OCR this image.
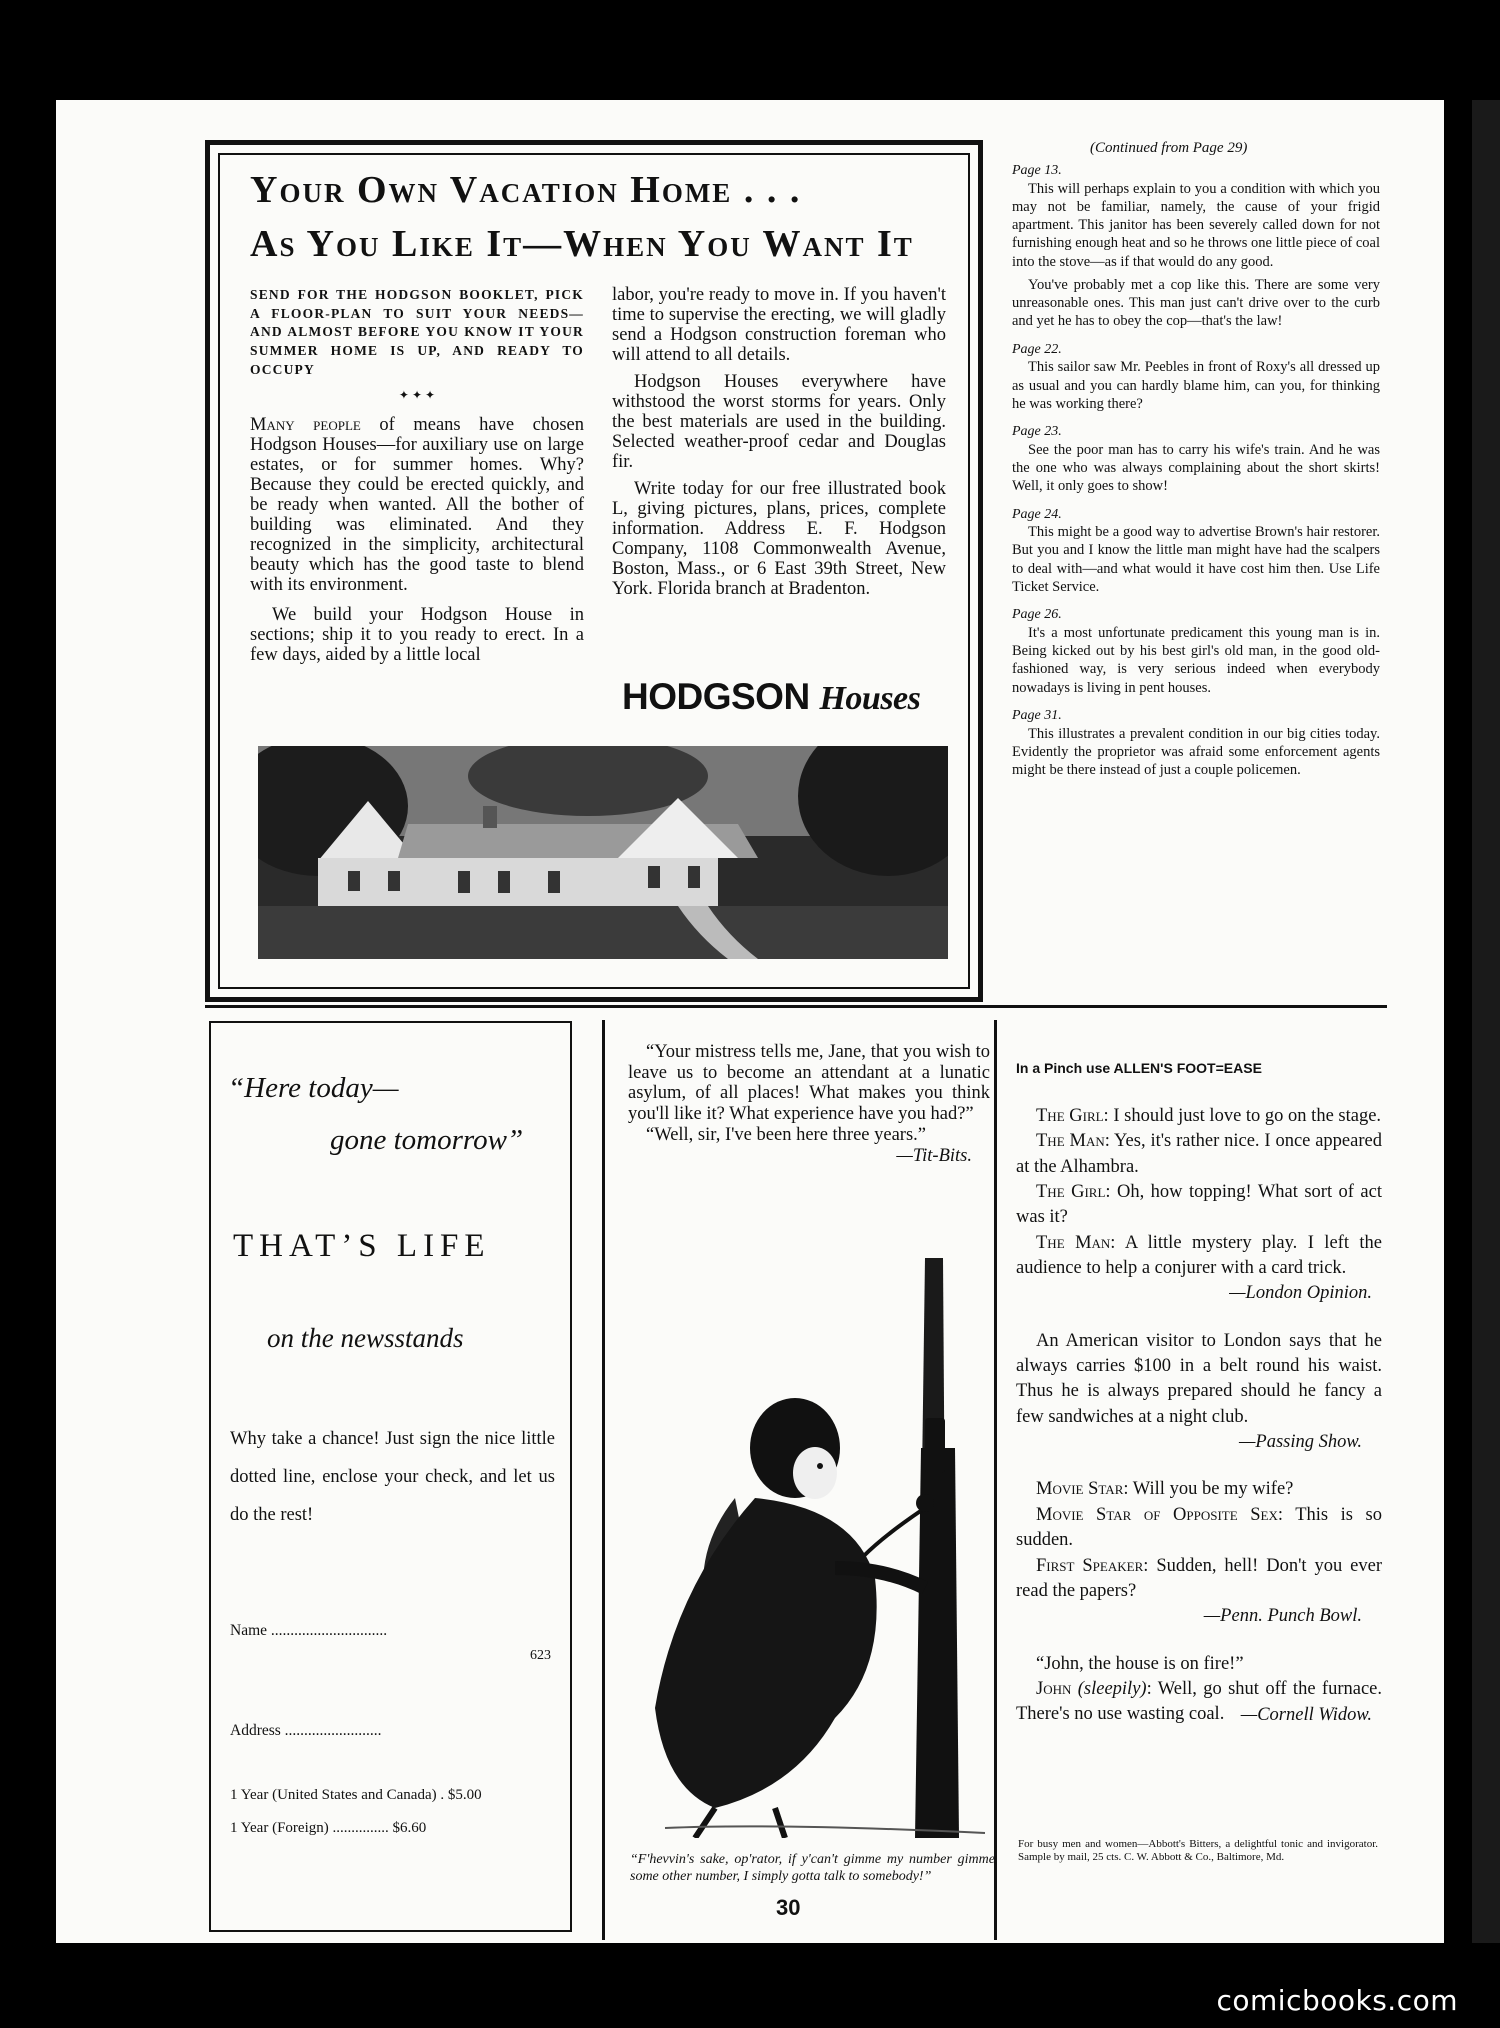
Your Own Vacation Home . . .
As You Like It—When You Want It

SEND FOR THE HODGSON BOOKLET, PICK A FLOOR-PLAN TO SUIT YOUR NEEDS—AND ALMOST BEFORE YOU KNOW IT YOUR SUMMER HOME IS UP, AND READY TO OCCUPY

✦ ✦ ✦

Many people of means have chosen Hodgson Houses—for auxiliary use on large estates, or for summer homes. Why? Because they could be erected quickly, and be ready when wanted. All the bother of building was eliminated. And they recognized in the simplicity, architectural beauty which has the good taste to blend with its environment.

We build your Hodgson House in sections; ship it to you ready to erect. In a few days, aided by a little local

labor, you're ready to move in. If you haven't time to supervise the erecting, we will gladly send a Hodgson construction foreman who will attend to all details.

Hodgson Houses everywhere have withstood the worst storms for years. Only the best materials are used in the building. Selected weather-proof cedar and Douglas fir.

Write today for our free illustrated book L, giving pictures, plans, prices, complete information. Address E. F. Hodgson Company, 1108 Commonwealth Avenue, Boston, Mass., or 6 East 39th Street, New York. Florida branch at Bradenton.

HODGSON Houses
(Continued from Page 29)

Page 13.

This will perhaps explain to you a condition with which you may not be familiar, namely, the cause of your frigid apartment. This janitor has been severely called down for not furnishing enough heat and so he throws one little piece of coal into the stove—as if that would do any good.

You've probably met a cop like this. There are some very unreasonable ones. This man just can't drive over to the curb and yet he has to obey the cop—that's the law!

Page 22.

This sailor saw Mr. Peebles in front of Roxy's all dressed up as usual and you can hardly blame him, can you, for thinking he was working there?

Page 23.

See the poor man has to carry his wife's train. And he was the one who was always complaining about the short skirts! Well, it only goes to show!

Page 24.

This might be a good way to advertise Brown's hair restorer. But you and I know the little man might have had the scalpers to deal with—and what would it have cost him then. Use Life Ticket Service.

Page 26.

It's a most unfortunate predicament this young man is in. Being kicked out by his best girl's old man, in the good old-fashioned way, is very serious indeed when everybody nowadays is living in pent houses.

Page 31.

This illustrates a prevalent condition in our big cities today. Evidently the proprietor was afraid some enforcement agents might be there instead of just a couple policemen.

“Here today—
gone tomorrow”
THAT’S LIFE
on the newsstands
Why take a chance! Just sign the nice little dotted line, enclose your check, and let us do the rest!
Name ..............................
623
Address .........................
1 Year (United States and Canada) . $5.00
1 Year (Foreign) ............... $6.60

“Your mistress tells me, Jane, that you wish to leave us to become an attendant at a lunatic asylum, of all places! What makes you think you'll like it? What experience have you had?”

“Well, sir, I've been here three years.”
—Tit-Bits.

“F'hevvin's sake, op'rator, if y'can't gimme my number gimme some other number, I simply gotta talk to somebody!”
In a Pinch use ALLEN'S FOOT=EASE

The Girl: I should just love to go on the stage.

The Man: Yes, it's rather nice. I once appeared at the Alhambra.

The Girl: Oh, how topping! What sort of act was it?

The Man: A little mystery play. I left the audience to help a conjurer with a card trick.

—London Opinion.

An American visitor to London says that he always carries $100 in a belt round his waist. Thus he is always prepared should he fancy a few sandwiches at a night club.

—Passing Show.

Movie Star: Will you be my wife?

Movie Star of Opposite Sex: This is so sudden.

First Speaker: Sudden, hell! Don't you ever read the papers?

—Penn. Punch Bowl.

“John, the house is on fire!”

John (sleepily): Well, go shut off the furnace. There's no use wasting coal. —Cornell Widow.

For busy men and women—Abbott's Bitters, a delightful tonic and invigorator. Sample by mail, 25 cts. C. W. Abbott & Co., Baltimore, Md.
30
comicbooks.com
